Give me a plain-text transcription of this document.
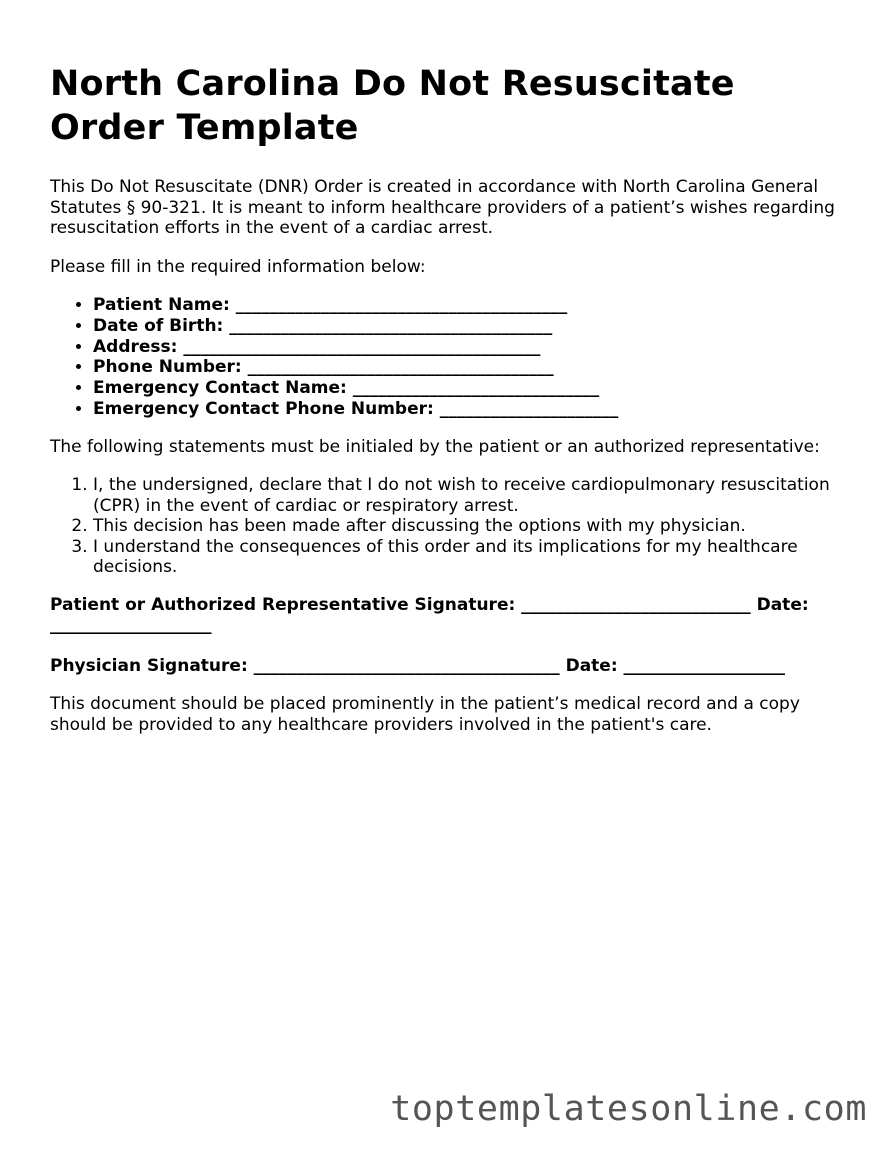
North Carolina Do Not Resuscitate
Order Template

This Do Not Resuscitate (DNR) Order is created in accordance with North Carolina General Statutes § 90-321. It is meant to inform healthcare providers of a patient’s wishes regarding resuscitation efforts in the event of a cardiac arrest.

Please fill in the required information below:

• Patient Name: _______________________________________
• Date of Birth: ______________________________________
• Address: __________________________________________
• Phone Number: ____________________________________
• Emergency Contact Name: _____________________________
• Emergency Contact Phone Number: _____________________

The following statements must be initialed by the patient or an authorized representative:

1. I, the undersigned, declare that I do not wish to receive cardiopulmonary resuscitation (CPR) in the event of cardiac or respiratory arrest.
2. This decision has been made after discussing the options with my physician.
3. I understand the consequences of this order and its implications for my healthcare decisions.
Patient or Authorized Representative Signature: ___________________________ Date: ___________________
Physician Signature: ____________________________________ Date: ___________________

This document should be placed prominently in the patient’s medical record and a copy should be provided to any healthcare providers involved in the patient's care.

toptemplatesonline.com
